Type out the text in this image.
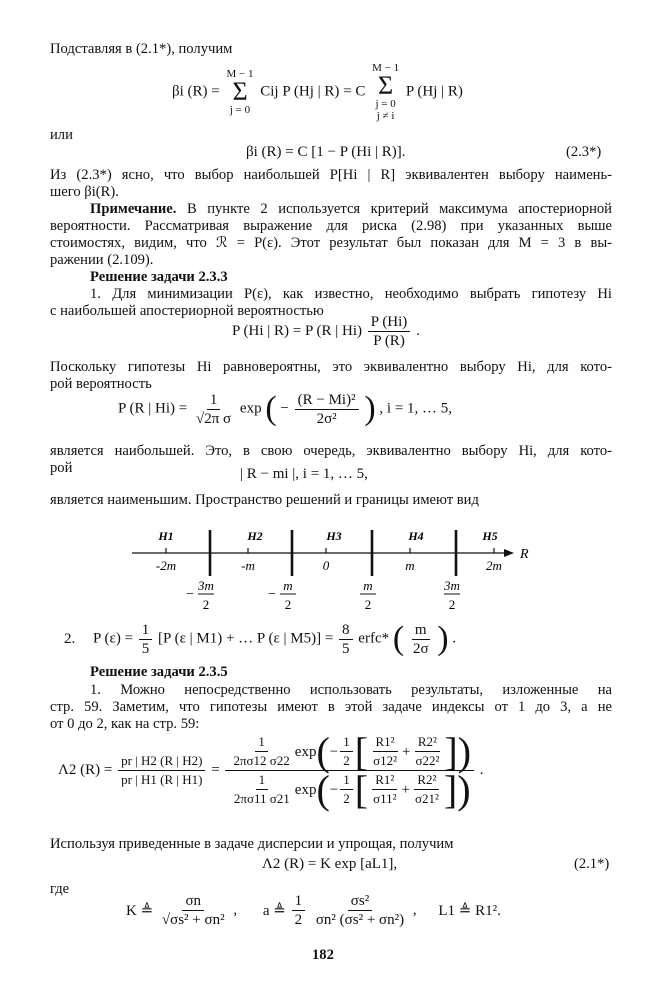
Подставляя в (2.1*), получим
βi (R) =
M − 1
Σ
j = 0
Cij P (Hj | R) = C
M − 1
Σ
j = 0
j ≠ i
P (Hj | R)
или
βi (R) = C [1 − P (Hi | R)].	(2.3*)
Из (2.3*) ясно, что выбор наибольшей P[Hi | R] эквивалентен выбору наимень-
шего βi(R).
Примечание. В пункте 2 используется критерий максимума апостериорной
вероятности. Рассматривая выражение для риска (2.98) при указанных выше
стоимостях, видим, что ℛ = P(ε). Этот результат был показан для M = 3 в вы-
ражении (2.109).
Решение задачи 2.3.3
1. Для минимизации P(ε), как известно, необходимо выбрать гипотезу Hi
с наибольшей апостериорной вероятностью
P (Hi | R) = P (R | $Hi) \frac{P (Hi)}{P (R)}$ .
Поскольку гипотезы Hi равновероятны, это эквивалентно выбору Hi, для кото-
рой вероятность
P (R | $Hi) = \frac{1}{\text{√2π σ}}$ exp ( − $\frac{\text{(R − Mi)²}}{\text{2σ²}}$ ) , i = 1, … 5,
является наибольшей. Это, в свою очередь, эквивалентно выбору Hi, для кото-
рой	| R − mi |, i = 1, … 5,
является наименьшим. Пространство решений и границы имеют вид
R
-2m	-m	0	m	2m
H1	H2	H3	H4	H5
−
3m
2
−
m
2
m
2
3m
2
2. P $(\varepsilon) = \frac{1}{5} [P$ (ε | M1) + … P (ε | $M5)] = \frac{8}{5}$ erfc* ( $\frac{m}{2\sigma}$ ) .
Решение задачи 2.3.5
1. Можно непосредственно использовать результаты, изложенные на
стр. 59. Заметим, что гипотезы имеют в этой задаче индексы от 1 до 3, а не
от 0 до 2, как на стр. 59:
Λ2 $(R) = \frac{pr | H2 (R | H2)}{pr | H1 (R | H1)}$ =
$\frac{1}{2\pi\sigma 12 \sigma 22}$ exp ( − $\frac{1}{2}$ [ $\frac{\text{R1²}}{\text{σ12²}} + \frac{\text{R2²}}{\text{σ22²}}$ ] )
$\frac{1}{2\pi\sigma 11 \sigma 21}$ exp ( − $\frac{1}{2}$ [ $\frac{\text{R1²}}{\text{σ11²}} + \frac{\text{R2²}}{\text{σ21²}}$ ] ) .
Используя приведенные в задаче дисперсии и упрощая, получим
Λ2 (R) = K exp [aL1],	(2.1*)
где
K ≜ $\frac{\sigma n}{\text{√σs² + σn²}}$ , a ≜ $\frac{1}{2}$
$\frac{\text{σs²}}{\text{σn² (σs² + σn²)}}$ , L1 ≜ R1².
182
